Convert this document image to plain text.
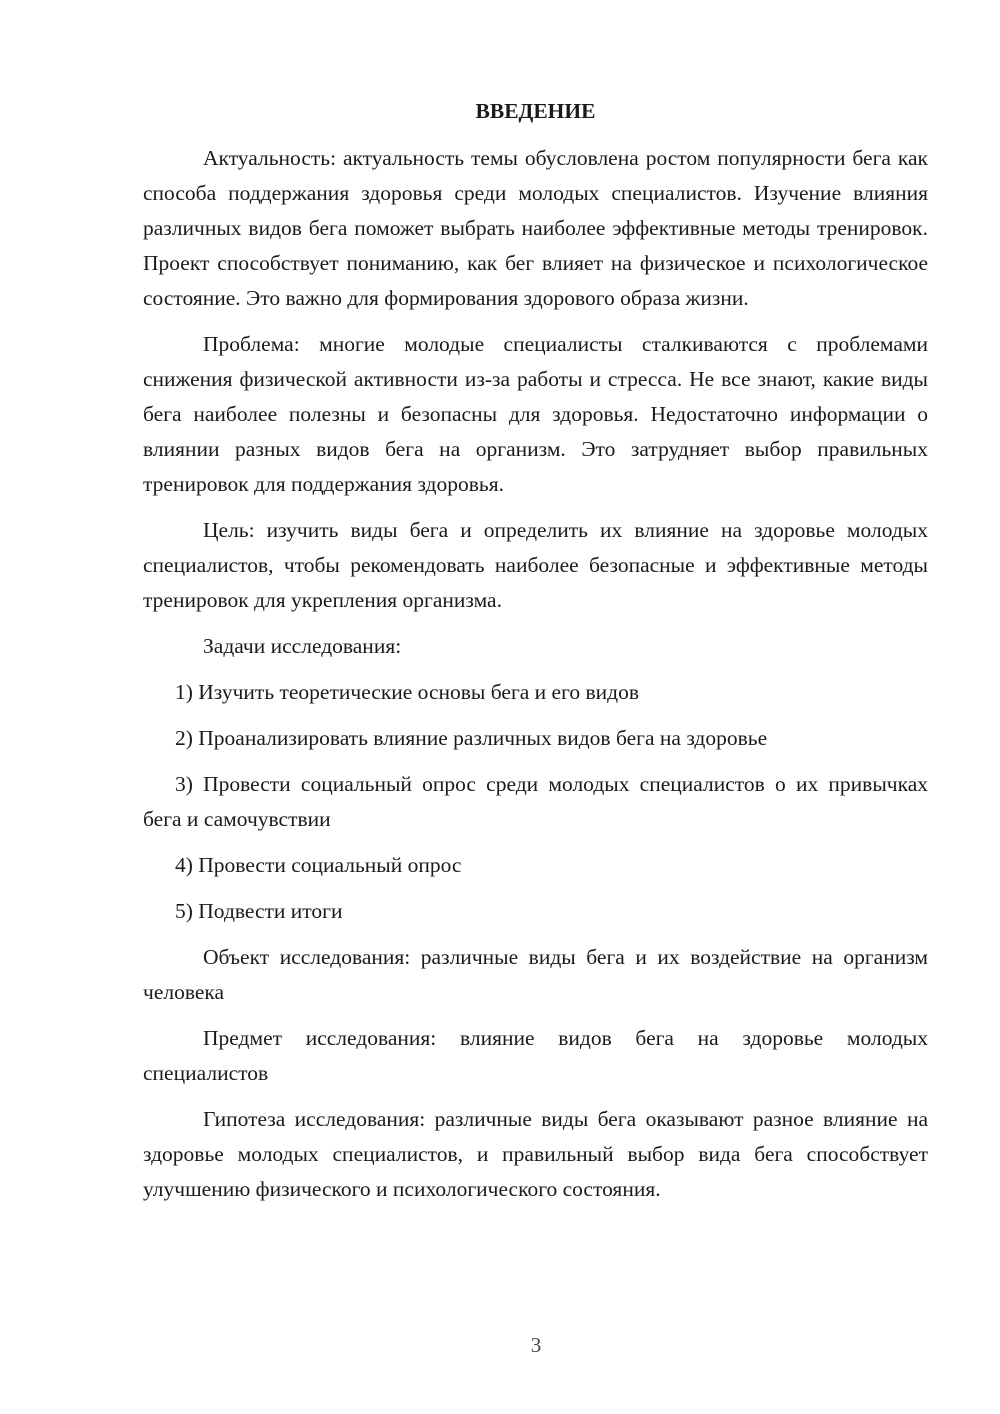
ВВЕДЕНИЕ

Актуальность: актуальность темы обусловлена ростом популярности бега как способа поддержания здоровья среди молодых специалистов. Изучение влияния различных видов бега поможет выбрать наиболее эффективные методы тренировок. Проект способствует пониманию, как бег влияет на физическое и психологическое состояние. Это важно для формирования здорового образа жизни.

Проблема: многие молодые специалисты сталкиваются с проблемами снижения физической активности из-за работы и стресса. Не все знают, какие виды бега наиболее полезны и безопасны для здоровья. Недостаточно информации о влиянии разных видов бега на организм. Это затрудняет выбор правильных тренировок для поддержания здоровья.

Цель: изучить виды бега и определить их влияние на здоровье молодых специалистов, чтобы рекомендовать наиболее безопасные и эффективные методы тренировок для укрепления организма.

Задачи исследования:

1) Изучить теоретические основы бега и его видов

2) Проанализировать влияние различных видов бега на здоровье

3) Провести социальный опрос среди молодых специалистов о их привычках бега и самочувствии

4) Провести социальный опрос

5) Подвести итоги

Объект исследования: различные виды бега и их воздействие на организм человека

Предмет исследования: влияние видов бега на здоровье молодых специалистов

Гипотеза исследования: различные виды бега оказывают разное влияние на здоровье молодых специалистов, и правильный выбор вида бега способствует улучшению физического и психологического состояния.

3
